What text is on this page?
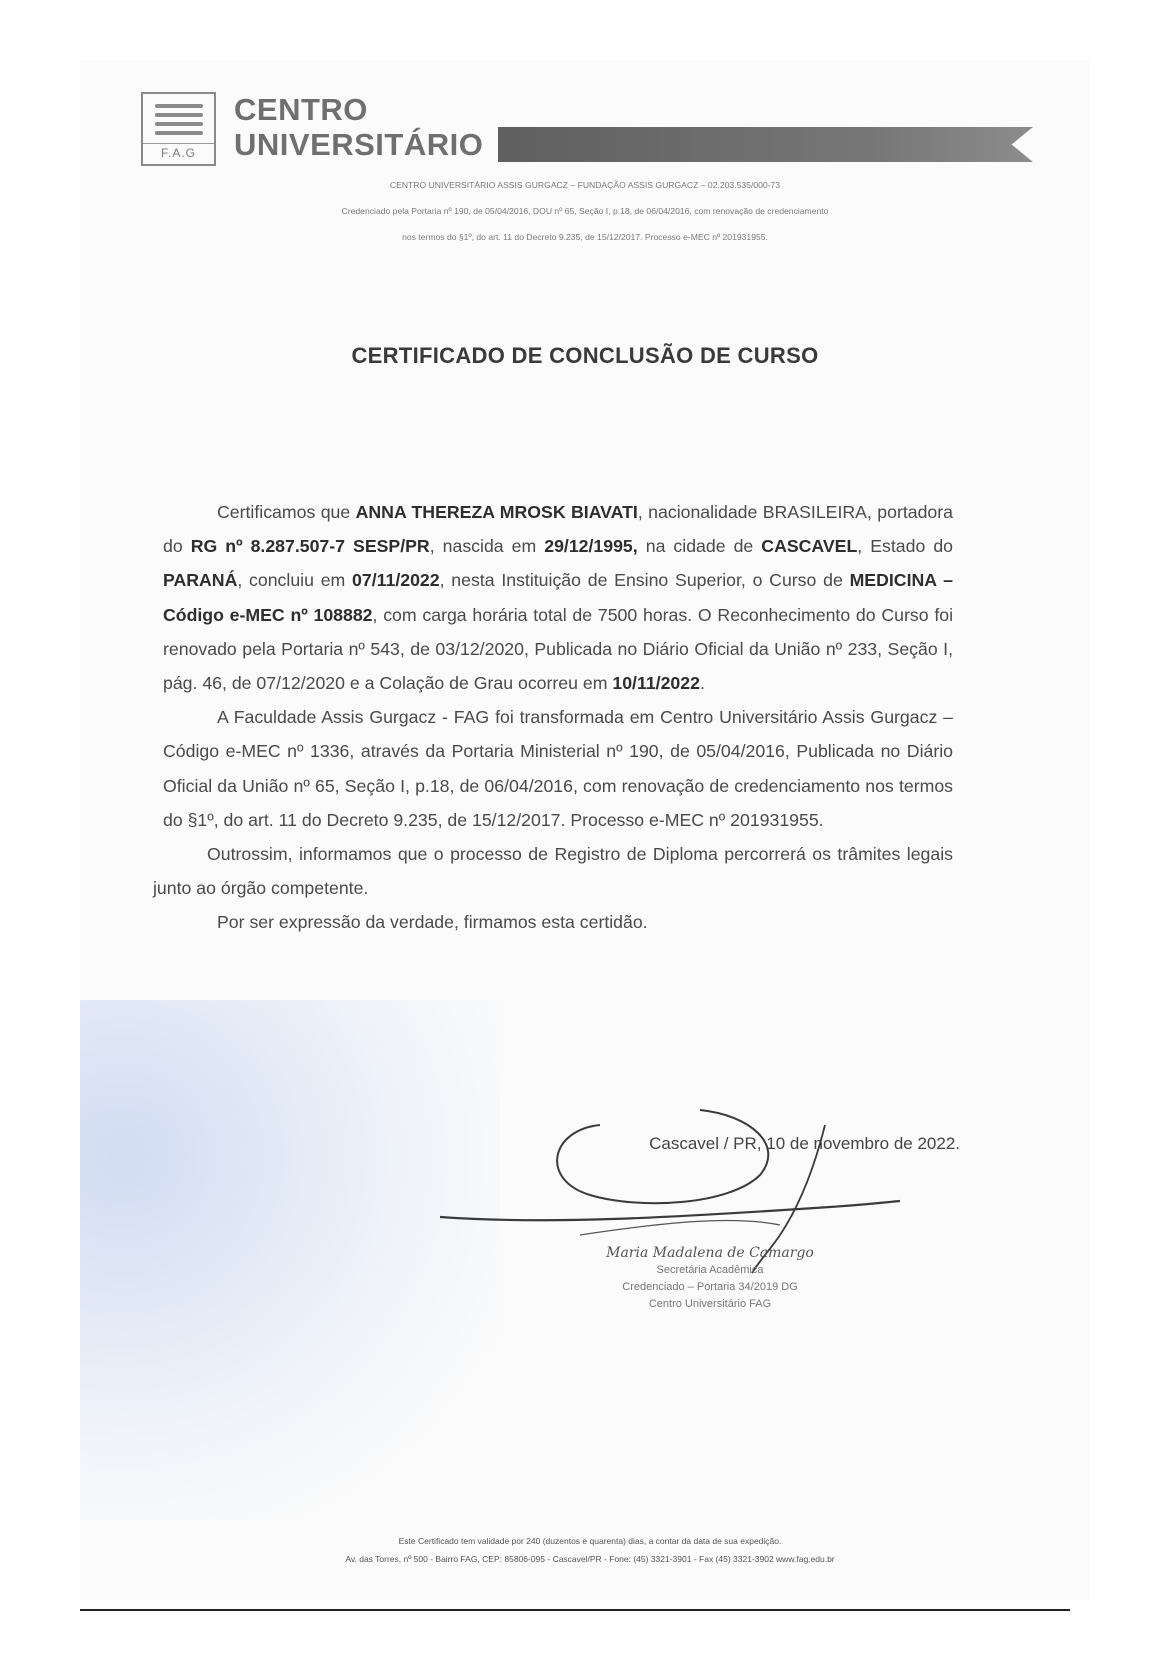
F.A.G
CENTRO
UNIVERSITÁRIO
CENTRO UNIVERSITÁRIO ASSIS GURGACZ – FUNDAÇÃO ASSIS GURGACZ – 02.203.535/000-73
Credenciado pela Portaria nº 190, de 05/04/2016, DOU nº 65, Seção I, p.18, de 06/04/2016, com renovação de credenciamento
nos termos do §1º, do art. 11 do Decreto 9.235, de 15/12/2017. Processo e-MEC nº 201931955.
CERTIFICADO DE CONCLUSÃO DE CURSO

Certificamos que ANNA THEREZA MROSK BIAVATI, nacionalidade BRASILEIRA, portadora do RG nº 8.287.507-7 SESP/PR, nascida em 29/12/1995, na cidade de CASCAVEL, Estado do PARANÁ, concluiu em 07/11/2022, nesta Instituição de Ensino Superior, o Curso de MEDICINA – Código e-MEC nº 108882, com carga horária total de 7500 horas. O Reconhecimento do Curso foi renovado pela Portaria nº 543, de 03/12/2020, Publicada no Diário Oficial da União nº 233, Seção I, pág. 46, de 07/12/2020 e a Colação de Grau ocorreu em 10/11/2022.

A Faculdade Assis Gurgacz - FAG foi transformada em Centro Universitário Assis Gurgacz – Código e-MEC nº 1336, através da Portaria Ministerial nº 190, de 05/04/2016, Publicada no Diário Oficial da União nº 65, Seção I, p.18, de 06/04/2016, com renovação de credenciamento nos termos do §1º, do art. 11 do Decreto 9.235, de 15/12/2017. Processo e-MEC nº 201931955.

Outrossim, informamos que o processo de Registro de Diploma percorrerá os trâmites legais junto ao órgão competente.

Por ser expressão da verdade, firmamos esta certidão.

Cascavel / PR, 10 de novembro de 2022.
Maria Madalena de Camargo
Secretária Acadêmica
Credenciado – Portaria 34/2019 DG
Centro Universitário FAG
Este Certificado tem validade por 240 (duzentos e quarenta) dias, a contar da data de sua expedição.
Av. das Torres, nº 500 - Bairro FAG, CEP: 85806-095 - Cascavel/PR - Fone: (45) 3321-3901 - Fax (45) 3321-3902 www.fag.edu.br
